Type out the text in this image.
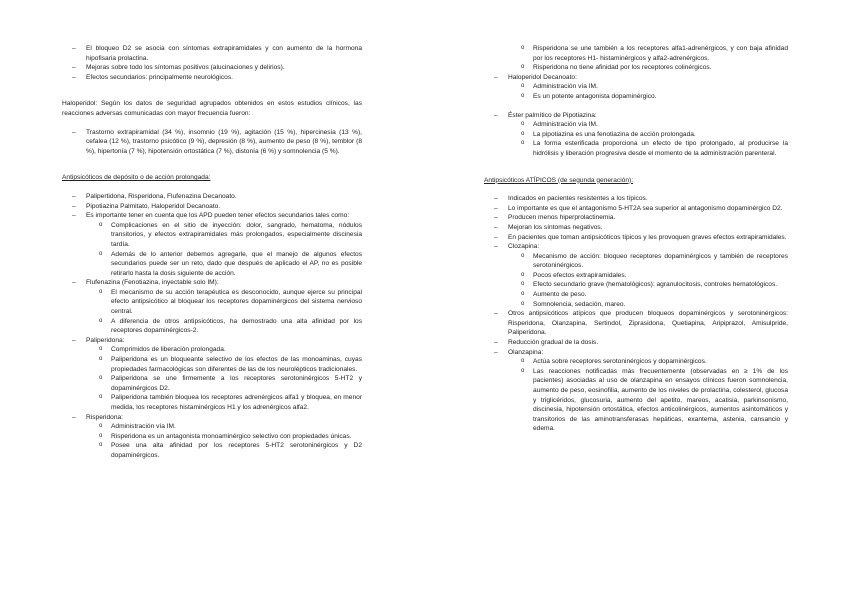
– El bloqueo D2 se asocia con síntomas extrapiramidales y con aumento de la hormona hipofisaria prolactina.
– Mejoras sobre todo los síntomas positivos (alucinaciones y delirios).
– Efectos secundarios: principalmente neurológicos.

Haloperidol: Según los datos de seguridad agrupados obtenidos en estos estudios clínicos, las reacciones adversas comunicadas con mayor frecuencia fueron:

– Trastorno extrapiramidal (34 %), insomnio (19 %), agitación (15 %), hipercinesia (13 %), cefalea (12 %), trastorno psicótico (9 %), depresión (8 %), aumento de peso (8 %), temblor (8 %), hipertonía (7 %), hipotensión ortostática (7 %), distonía (6 %) y somnolencia (5 %).

Antipsicóticos de depósito o de acción prolongada:

– Palipertidona, Risperidona, Flufenazina Decanoato.
– Pipotiazina Palmitato, Haloperidol Decanoato.
– Es importante tener en cuenta que los APD pueden tener efectos secundarios tales como:
o Complicaciones en el sitio de inyección: dolor, sangrado, hematoma, nódulos transitorios, y efectos extrapiramidales más prolongados, especialmente discinesia tardía.
o Además de lo anterior debemos agregarle, que el manejo de algunos efectos secundarios puede ser un reto, dado que después de aplicado el AP, no es posible retirarlo hasta la dosis siguiente de acción.
– Flufenazina (Fenotiazina, inyectable solo IM):
o El mecanismo de su acción terapéutica es desconocido, aunque ejerce su principal efecto antipsicótico al bloquear los receptores dopaminérgicos del sistema nervioso central.
o A diferencia de otros antipsicóticos, ha demostrado una alta afinidad por los receptores dopaminérgicos-2.
– Paliperidona:
o Comprimidos de liberación prolongada.
o Paliperidona es un bloqueante selectivo de los efectos de las monoaminas, cuyas propiedades farmacológicas son diferentes de las de los neurolépticos tradicionales.
o Paliperidona se une firmemente a los receptores serotoninérgicos 5-HT2 y dopaminérgicos D2.
o Paliperidona también bloquea los receptores adrenérgicos alfa1 y bloquea, en menor medida, los receptores histaminérgicos H1 y los adrenérgicos alfa2.
– Risperidona:
o Administración vía IM.
o Risperidona es un antagonista monoaminérgico selectivo con propiedades únicas.
o Posee una alta afinidad por los receptores 5-HT2 serotoninérgicos y D2 dopaminérgicos.
o Risperidona se une también a los receptores alfa1-adrenérgicos, y con baja afinidad por los receptores H1- histaminérgicos y alfa2-adrenérgicos.
o Risperidona no tiene afinidad por los receptores colinérgicos.
– Haloperidol Decanoato:
o Administración vía IM.
o Es un potente antagonista dopaminérgico.
– Éster palmítico de Pipotiazina:
o Administración vía IM.
o La pipotiazina es una fenotiazina de acción prolongada.
o La forma esterificada proporciona un efecto de tipo prolongado, al producirse la hidrólisis y liberación progresiva desde el momento de la administración parenteral.

Antipsicóticos ATÍPICOS (de segunda generación):

– Indicados en pacientes resistentes a los típicos.
– Lo importante es que el antagonismo 5-HT2A sea superior al antagonismo dopaminérgico D2.
– Producen menos hiperprolactinemia.
– Mejoran los síntomas negativos.
– En pacientes que toman antipsicóticos típicos y les provoquen graves efectos extrapiramidales.
– Clozapina:
o Mecanismo de acción: bloqueo receptores dopaminérgicos y también de receptores serotoninérgicos.
o Pocos efectos extrapiramidales.
o Efecto secundario grave (hematológicos): agranulocitosis, controles hematológicos.
o Aumento de peso.
o Somnolencia, sedación, mareo.
– Otros antipsicóticos atípicos que producen bloqueos dopaminérgicos y serotoninérgicos: Risperidona, Olanzapina, Sertindol, Ziprasidona, Quetiapina, Aripiprazol, Amisulpride, Paliperidona.
– Reducción gradual de la dosis.
– Olanzapina:
o Actúa sobre receptores serotoninérgicos y dopaminérgicos.
o Las reacciones notificadas más frecuentemente (observadas en ≥ 1% de los pacientes) asociadas al uso de olanzapina en ensayos clínicos fueron somnolencia, aumento de peso, eosinofilia, aumento de los niveles de prolactina, colesterol, glucosa y triglicéridos, glucosuria, aumento del apetito, mareos, acatisia, parkinsonismo, discinesia, hipotensión ortostática, efectos anticolinérgicos, aumentos asintomáticos y transitorios de las aminotransferasas hepáticas, exantema, astenia, cansancio y edema.
